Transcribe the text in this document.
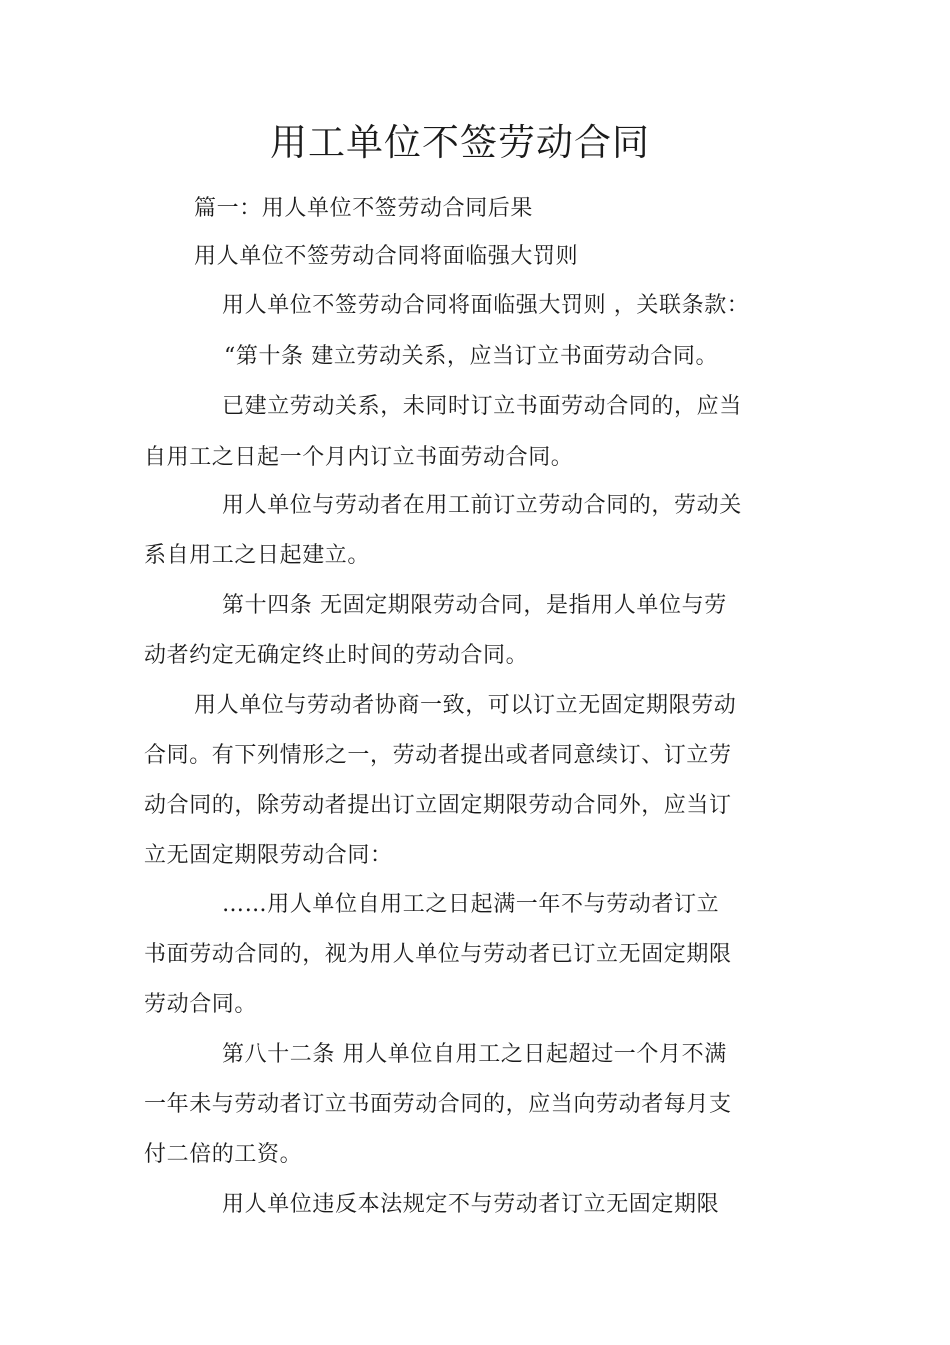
用工单位不签劳动合同
篇一：用人单位不签劳动合同后果
用人单位不签劳动合同将面临强大罚则
用人单位不签劳动合同将面临强大罚则 ，关联条款：
“第十条 建立劳动关系，应当订立书面劳动合同。
已建立劳动关系，未同时订立书面劳动合同的，应当
自用工之日起一个月内订立书面劳动合同。
用人单位与劳动者在用工前订立劳动合同的，劳动关
系自用工之日起建立。
第十四条 无固定期限劳动合同，是指用人单位与劳
动者约定无确定终止时间的劳动合同。
用人单位与劳动者协商一致，可以订立无固定期限劳动
合同。有下列情形之一，劳动者提出或者同意续订、订立劳
动合同的，除劳动者提出订立固定期限劳动合同外，应当订
立无固定期限劳动合同：
……用人单位自用工之日起满一年不与劳动者订立
书面劳动合同的，视为用人单位与劳动者已订立无固定期限
劳动合同。
第八十二条 用人单位自用工之日起超过一个月不满
一年未与劳动者订立书面劳动合同的，应当向劳动者每月支
付二倍的工资。
用人单位违反本法规定不与劳动者订立无固定期限
